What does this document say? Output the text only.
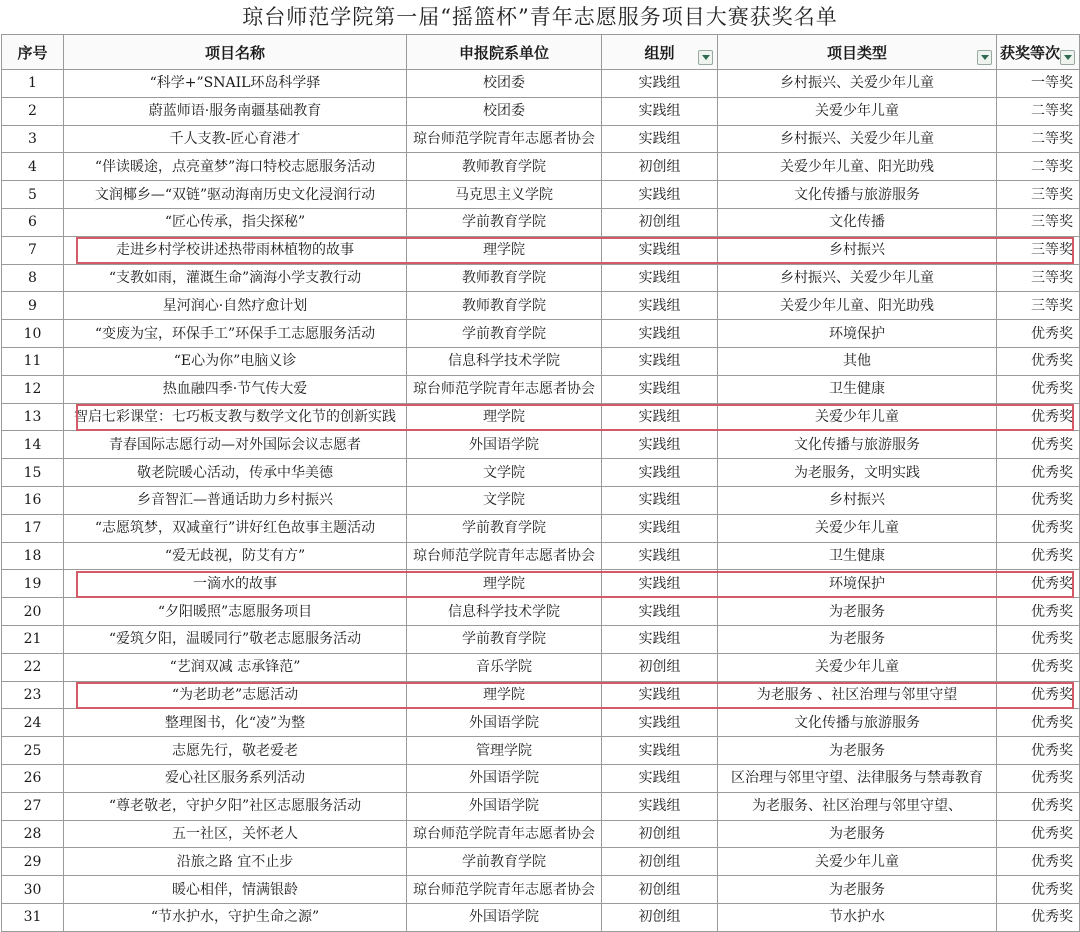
琼台师范学院第一届“摇篮杯”青年志愿服务项目大赛获奖名单
序号	项目名称	申报院系单位	组别	项目类型	获奖等次

1	“科学+”SNAIL环岛科学驿	校团委	实践组	乡村振兴、关爱少年儿童	一等奖
2	蔚蓝师语·服务南疆基础教育	校团委	实践组	关爱少年儿童	二等奖
3	千人支教-匠心育港才	琼台师范学院青年志愿者协会	实践组	乡村振兴、关爱少年儿童	二等奖
4	“伴读暖途，点亮童梦”海口特校志愿服务活动	教师教育学院	初创组	关爱少年儿童、阳光助残	二等奖
5	文润椰乡—“双链”驱动海南历史文化浸润行动	马克思主义学院	实践组	文化传播与旅游服务	三等奖
6	“匠心传承，指尖探秘”	学前教育学院	初创组	文化传播	三等奖
7	走进乡村学校讲述热带雨林植物的故事	理学院	实践组	乡村振兴	三等奖
8	“支教如雨，灌溉生命”滴海小学支教行动	教师教育学院	实践组	乡村振兴、关爱少年儿童	三等奖
9	星河润心·自然疗愈计划	教师教育学院	实践组	关爱少年儿童、阳光助残	三等奖
10	“变废为宝，环保手工”环保手工志愿服务活动	学前教育学院	实践组	环境保护	优秀奖
11	“E心为你”电脑义诊	信息科学技术学院	实践组	其他	优秀奖
12	热血融四季·节气传大爱	琼台师范学院青年志愿者协会	实践组	卫生健康	优秀奖
13	智启七彩课堂：七巧板支教与数学文化节的创新实践	理学院	实践组	关爱少年儿童	优秀奖
14	青春国际志愿行动—对外国际会议志愿者	外国语学院	实践组	文化传播与旅游服务	优秀奖
15	敬老院暖心活动，传承中华美德	文学院	实践组	为老服务，文明实践	优秀奖
16	乡音智汇—普通话助力乡村振兴	文学院	实践组	乡村振兴	优秀奖
17	“志愿筑梦，双减童行”讲好红色故事主题活动	学前教育学院	实践组	关爱少年儿童	优秀奖
18	“爱无歧视，防艾有方”	琼台师范学院青年志愿者协会	实践组	卫生健康	优秀奖
19	一滴水的故事	理学院	实践组	环境保护	优秀奖
20	“夕阳暖照”志愿服务项目	信息科学技术学院	实践组	为老服务	优秀奖
21	“爱筑夕阳，温暖同行”敬老志愿服务活动	学前教育学院	实践组	为老服务	优秀奖
22	“艺润双减 志承锋范”	音乐学院	初创组	关爱少年儿童	优秀奖
23	“为老助老”志愿活动	理学院	实践组	为老服务 、社区治理与邻里守望	优秀奖
24	整理图书，化“凌”为整	外国语学院	实践组	文化传播与旅游服务	优秀奖
25	志愿先行，敬老爱老	管理学院	实践组	为老服务	优秀奖
26	爱心社区服务系列活动	外国语学院	实践组	区治理与邻里守望、法律服务与禁毒教育	优秀奖
27	“尊老敬老，守护夕阳”社区志愿服务活动	外国语学院	实践组	为老服务、社区治理与邻里守望、	优秀奖
28	五一社区，关怀老人	琼台师范学院青年志愿者协会	初创组	为老服务	优秀奖
29	沿旅之路 宜不止步	学前教育学院	初创组	关爱少年儿童	优秀奖
30	暖心相伴，情满银龄	琼台师范学院青年志愿者协会	初创组	为老服务	优秀奖
31	“节水护水，守护生命之源”	外国语学院	初创组	节水护水	优秀奖
